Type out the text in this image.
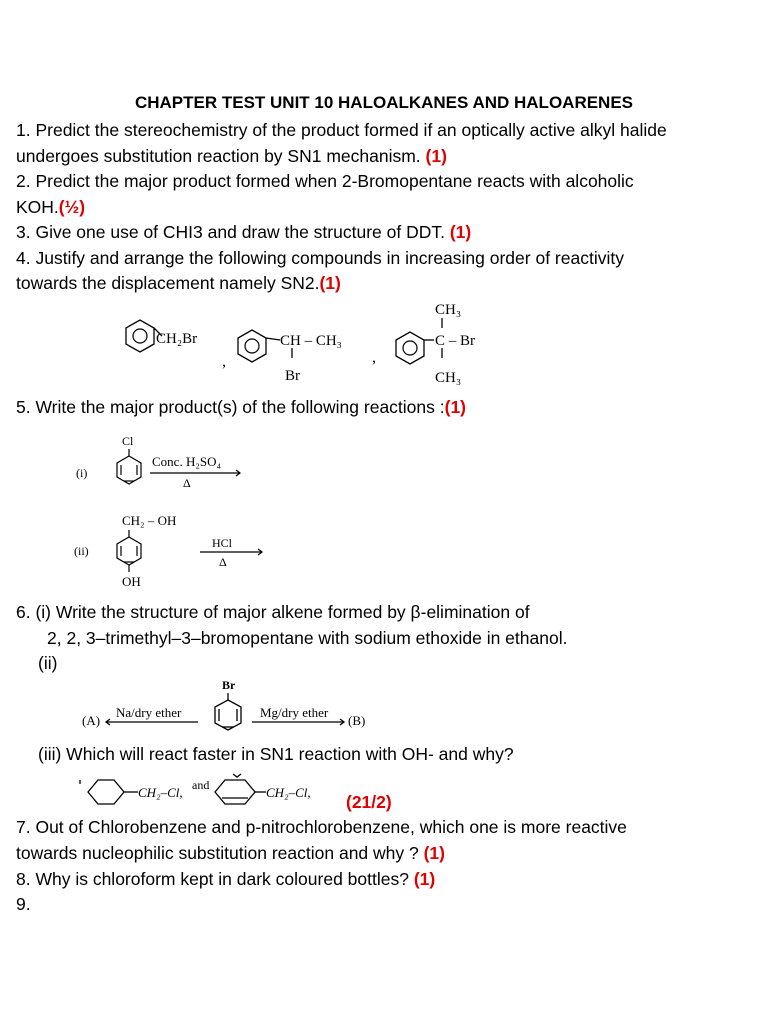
CHAPTER TEST UNIT 10 HALOALKANES AND HALOARENES
1. Predict the stereochemistry of the product formed if an optically active alkyl halide
undergoes substitution reaction by SN1 mechanism. (1)
2. Predict the major product formed when 2-Bromopentane reacts with alcoholic
KOH.(½)
3. Give one use of CHI3 and draw the structure of DDT. (1)
4. Justify and arrange the following compounds in increasing order of reactivity
towards the displacement namely SN2.(1)
CH₂Br
,
CH – CH₃
Br
,
CH₃
C – Br
CH₃
5. Write the major product(s) of the following reactions :(1)
Cl
(i)
Conc. H₂SO₄
Δ
CH₂ – OH
(ii)
OH
HCl
Δ
6. (i) Write the structure of major alkene formed by β-elimination of
2, 2, 3–trimethyl–3–bromopentane with sodium ethoxide in ethanol.
(ii)
(A)
Na/dry ether
Br
Mg/dry ether
(B)
(iii) Which will react faster in SN1 reaction with OH- and why?
CH₂–Cl, and	CH₂–Cl, (21/2)
7. Out of Chlorobenzene and p-nitrochlorobenzene, which one is more reactive
towards nucleophilic substitution reaction and why ? (1)
8. Why is chloroform kept in dark coloured bottles? (1)
9.
